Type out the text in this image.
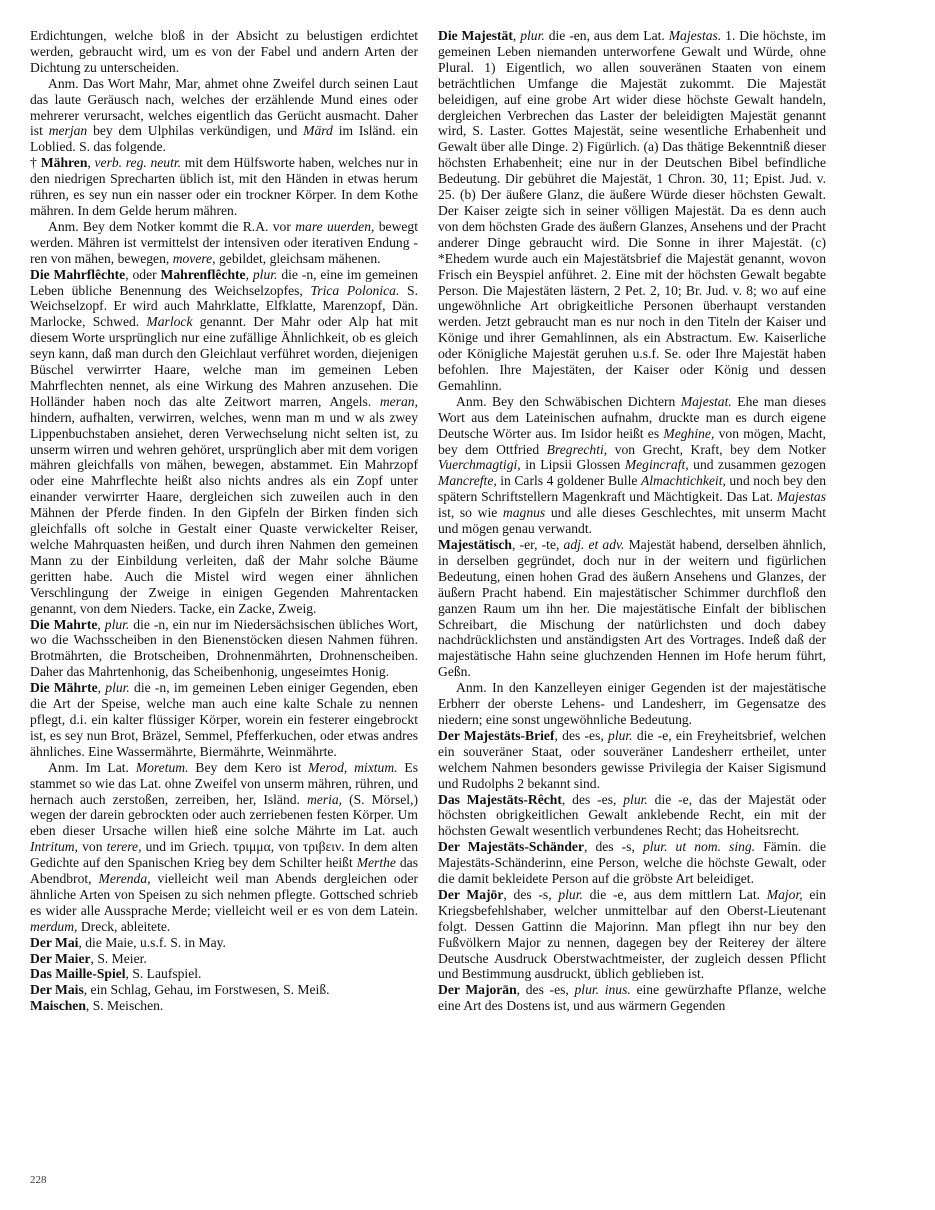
Erdichtungen, welche bloß in der Absicht zu belustigen erdichtet werden, gebraucht wird, um es von der Fabel und andern Arten der Dichtung zu unterscheiden.

Anm. Das Wort Mahr, Mar, ahmet ohne Zweifel durch seinen Laut das laute Geräusch nach, welches der erzählende Mund eines oder mehrerer verursacht, welches eigentlich das Gerücht ausmacht. Daher ist merjan bey dem Ulphilas verkündigen, und Märd im Isländ. ein Loblied. S. das folgende.

† Mähren, verb. reg. neutr. mit dem Hülfsworte haben, welches nur in den niedrigen Sprecharten üblich ist, mit den Händen in etwas herum rühren, es sey nun ein nasser oder ein trockner Körper. In dem Kothe mähren. In dem Gelde herum mähren.

Anm. Bey dem Notker kommt die R.A. vor mare uuerden, bewegt werden. Mähren ist vermittelst der intensiven oder iterativen Endung -ren von mähen, bewegen, movere, gebildet, gleichsam mähenen.

Die Mahrflêchte, oder Mahrenflêchte, plur. die -n, eine im gemeinen Leben übliche Benennung des Weichselzopfes, Trica Polonica. S. Weichselzopf. Er wird auch Mahrklatte, Elfklatte, Marenzopf, Dän. Marlocke, Schwed. Marlock genannt. Der Mahr oder Alp hat mit diesem Worte ursprünglich nur eine zufällige Ähnlichkeit, ob es gleich seyn kann, daß man durch den Gleichlaut verführet worden, diejenigen Büschel verwirrter Haare, welche man im gemeinen Leben Mahrflechten nennet, als eine Wirkung des Mahren anzusehen. Die Holländer haben noch das alte Zeitwort marren, Angels. meran, hindern, aufhalten, verwirren, welches, wenn man m und w als zwey Lippenbuchstaben ansiehet, deren Verwechselung nicht selten ist, zu unserm wirren und wehren gehöret, ursprünglich aber mit dem vorigen mähren gleichfalls von mähen, bewegen, abstammet. Ein Mahrzopf oder eine Mahrflechte heißt also nichts andres als ein Zopf unter einander verwirrter Haare, dergleichen sich zuweilen auch in den Mähnen der Pferde finden. In den Gipfeln der Birken finden sich gleichfalls oft solche in Gestalt einer Quaste verwickelter Reiser, welche Mahrquasten heißen, und durch ihren Nahmen den gemeinen Mann zu der Einbildung verleiten, daß der Mahr solche Bäume geritten habe. Auch die Mistel wird wegen einer ähnlichen Verschlingung der Zweige in einigen Gegenden Mahrentacken genannt, von dem Nieders. Tacke, ein Zacke, Zweig.

Die Mahrte, plur. die -n, ein nur im Niedersächsischen übliches Wort, wo die Wachsscheiben in den Bienenstöcken diesen Nahmen führen. Brotmährten, die Brotscheiben, Drohnenmährten, Drohnenscheiben. Daher das Mahrtenhonig, das Scheibenhonig, ungeseimtes Honig.

Die Mährte, plur. die -n, im gemeinen Leben einiger Gegenden, eben die Art der Speise, welche man auch eine kalte Schale zu nennen pflegt, d.i. ein kalter flüssiger Körper, worein ein festerer eingebrockt ist, es sey nun Brot, Bräzel, Semmel, Pfefferkuchen, oder etwas andres ähnliches. Eine Wassermährte, Biermährte, Weinmährte.

Anm. Im Lat. Moretum. Bey dem Kero ist Merod, mixtum. Es stammet so wie das Lat. ohne Zweifel von unserm mähren, rühren, und hernach auch zerstoßen, zerreiben, her, Isländ. meria, (S. Mörsel,) wegen der darein gebrockten oder auch zerriebenen festen Körper. Um eben dieser Ursache willen hieß eine solche Mährte im Lat. auch Intritum, von terere, und im Griech. τριμμα, von τριβειν. In dem alten Gedichte auf den Spanischen Krieg bey dem Schilter heißt Merthe das Abendbrot, Merenda, vielleicht weil man Abends dergleichen oder ähnliche Arten von Speisen zu sich nehmen pflegte. Gottsched schrieb es wider alle Aussprache Merde; vielleicht weil er es von dem Latein. merdum, Dreck, ableitete.

Der Mai, die Maie, u.s.f. S. in May.

Der Maier, S. Meier.

Das Maille-Spiel, S. Laufspiel.

Der Mais, ein Schlag, Gehau, im Forstwesen, S. Meiß.

Maischen, S. Meischen.

Die Majestät, plur. die -en, aus dem Lat. Majestas. 1. Die höchste, im gemeinen Leben niemanden unterworfene Gewalt und Würde, ohne Plural. 1) Eigentlich, wo allen souveränen Staaten von einem beträchtlichen Umfange die Majestät zukommt. Die Majestät beleidigen, auf eine grobe Art wider diese höchste Gewalt handeln, dergleichen Verbrechen das Laster der beleidigten Majestät genannt wird, S. Laster. Gottes Majestät, seine wesentliche Erhabenheit und Gewalt über alle Dinge. 2) Figürlich. (a) Das thätige Bekenntniß dieser höchsten Erhabenheit; eine nur in der Deutschen Bibel befindliche Bedeutung. Dir gebühret die Majestät, 1 Chron. 30, 11; Epist. Jud. v. 25. (b) Der äußere Glanz, die äußere Würde dieser höchsten Gewalt. Der Kaiser zeigte sich in seiner völligen Majestät. Da es denn auch von dem höchsten Grade des äußern Glanzes, Ansehens und der Pracht anderer Dinge gebraucht wird. Die Sonne in ihrer Majestät. (c) *Ehedem wurde auch ein Majestätsbrief die Majestät genannt, wovon Frisch ein Beyspiel anführet. 2. Eine mit der höchsten Gewalt begabte Person. Die Majestäten lästern, 2 Pet. 2, 10; Br. Jud. v. 8; wo auf eine ungewöhnliche Art obrigkeitliche Personen überhaupt verstanden werden. Jetzt gebraucht man es nur noch in den Titeln der Kaiser und Könige und ihrer Gemahlinnen, als ein Abstractum. Ew. Kaiserliche oder Königliche Majestät geruhen u.s.f. Se. oder Ihre Majestät haben befohlen. Ihre Majestäten, der Kaiser oder König und dessen Gemahlinn.

Anm. Bey den Schwäbischen Dichtern Majestat. Ehe man dieses Wort aus dem Lateinischen aufnahm, druckte man es durch eigene Deutsche Wörter aus. Im Isidor heißt es Meghine, von mögen, Macht, bey dem Ottfried Bregrechti, von Grecht, Kraft, bey dem Notker Vuerchmagtigi, in Lipsii Glossen Megincraft, und zusammen gezogen Mancrefte, in Carls 4 goldener Bulle Almachtichkeit, und noch bey den spätern Schriftstellern Magenkraft und Mächtigkeit. Das Lat. Majestas ist, so wie magnus und alle dieses Geschlechtes, mit unserm Macht und mögen genau verwandt.

Majestätisch, -er, -te, adj. et adv. Majestät habend, derselben ähnlich, in derselben gegründet, doch nur in der weitern und figürlichen Bedeutung, einen hohen Grad des äußern Ansehens und Glanzes, der äußern Pracht habend. Ein majestätischer Schimmer durchfloß den ganzen Raum um ihn her. Die majestätische Einfalt der biblischen Schreibart, die Mischung der natürlichsten und doch dabey nachdrücklichsten und anständigsten Art des Vortrages. Indeß daß der majestätische Hahn seine gluchzenden Hennen im Hofe herum führt, Geßn.

Anm. In den Kanzelleyen einiger Gegenden ist der majestätische Erbherr der oberste Lehens- und Landesherr, im Gegensatze des niedern; eine sonst ungewöhnliche Bedeutung.

Der Majestäts-Brief, des -es, plur. die -e, ein Freyheitsbrief, welchen ein souveräner Staat, oder souveräner Landesherr ertheilet, unter welchem Nahmen besonders gewisse Privilegia der Kaiser Sigismund und Rudolphs 2 bekannt sind.

Das Majestäts-Rêcht, des -es, plur. die -e, das der Majestät oder höchsten obrigkeitlichen Gewalt anklebende Recht, ein mit der höchsten Gewalt wesentlich verbundenes Recht; das Hoheitsrecht.

Der Majestäts-Schänder, des -s, plur. ut nom. sing. Fämin. die Majestäts-Schänderinn, eine Person, welche die höchste Gewalt, oder die damit bekleidete Person auf die gröbste Art beleidiget.

Der Majōr, des -s, plur. die -e, aus dem mittlern Lat. Major, ein Kriegsbefehlshaber, welcher unmittelbar auf den Oberst-Lieutenant folgt. Dessen Gattinn die Majorinn. Man pflegt ihn nur bey den Fußvölkern Major zu nennen, dagegen bey der Reiterey der ältere Deutsche Ausdruck Oberstwachtmeister, der zugleich dessen Pflicht und Bestimmung ausdruckt, üblich geblieben ist.

Der Majorān, des -es, plur. inus. eine gewürzhafte Pflanze, welche eine Art des Dostens ist, und aus wärmern Gegenden

228
